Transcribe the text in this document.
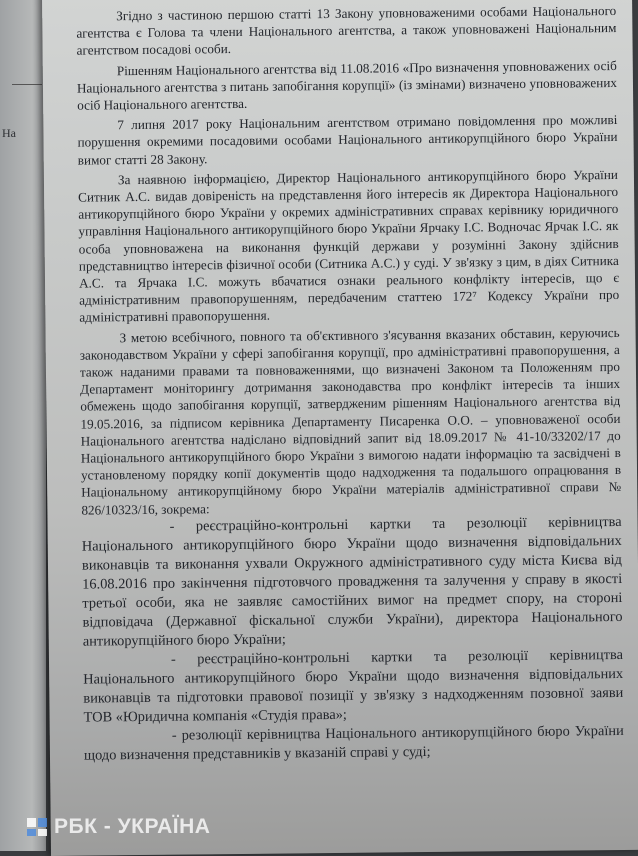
На

Згідно з частиною першою статті 13 Закону уповноваженими особами Національного агентства є Голова та члени Національного агентства, а також уповноважені Національним агентством посадові особи.

Рішенням Національного агентства від 11.08.2016 «Про визначення уповноважених осіб Національного агентства з питань запобігання корупції» (із змінами) визначено уповноважених осіб Національного агентства.

7 липня 2017 року Національним агентством отримано повідомлення про можливі порушення окремими посадовими особами Національного антикорупційного бюро України вимог статті 28 Закону.

За наявною інформацією, Директор Національного антикорупційного бюро України Ситник А.С. видав довіреність на представлення його інтересів як Директора Національного антикорупційного бюро України у окремих адміністративних справах керівнику юридичного управління Національного антикорупційного бюро України Ярчаку І.С. Водночас Ярчак І.С. як особа уповноважена на виконання функцій держави у розумінні Закону здійснив представництво інтересів фізичної особи (Ситника А.С.) у суді. У зв'язку з цим, в діях Ситника А.С. та Ярчака І.С. можуть вбачатися ознаки реального конфлікту інтересів, що є адміністративним правопорушенням, передбаченим статтею 172⁷ Кодексу України про адміністративні правопорушення.

З метою всебічного, повного та об'єктивного з'ясування вказаних обставин, керуючись законодавством України у сфері запобігання корупції, про адміністративні правопорушення, а також наданими правами та повноваженнями, що визначені Законом та Положенням про Департамент моніторингу дотримання законодавства про конфлікт інтересів та інших обмежень щодо запобігання корупції, затвердженим рішенням Національного агентства від 19.05.2016, за підписом керівника Департаменту Писаренка О.О. – уповноваженої особи Національного агентства надіслано відповідний запит від 18.09.2017 № 41-10/33202/17 до Національного антикорупційного бюро України з вимогою надати інформацію та засвідчені в установленому порядку копії документів щодо надходження та подальшого опрацювання в Національному антикорупційному бюро України матеріалів адміністративної справи № 826/10323/16, зокрема:

- реєстраційно-контрольні картки та резолюції керівництва Національного антикорупційного бюро України щодо визначення відповідальних виконавців та виконання ухвали Окружного адміністративного суду міста Києва від 16.08.2016 про закінчення підготовчого провадження та залучення у справу в якості третьої особи, яка не заявляє самостійних вимог на предмет спору, на стороні відповідача (Державної фіскальної служби України), директора Національного антикорупційного бюро України;

- реєстраційно-контрольні картки та резолюції керівництва Національного антикорупційного бюро України щодо визначення відповідальних виконавців та підготовки правової позиції у зв'язку з надходженням позовної заяви ТОВ «Юридична компанія «Студія права»;

- резолюції керівництва Національного антикорупційного бюро України щодо визначення представників у вказаній справі у суді;

РБК - УКРАЇНА
